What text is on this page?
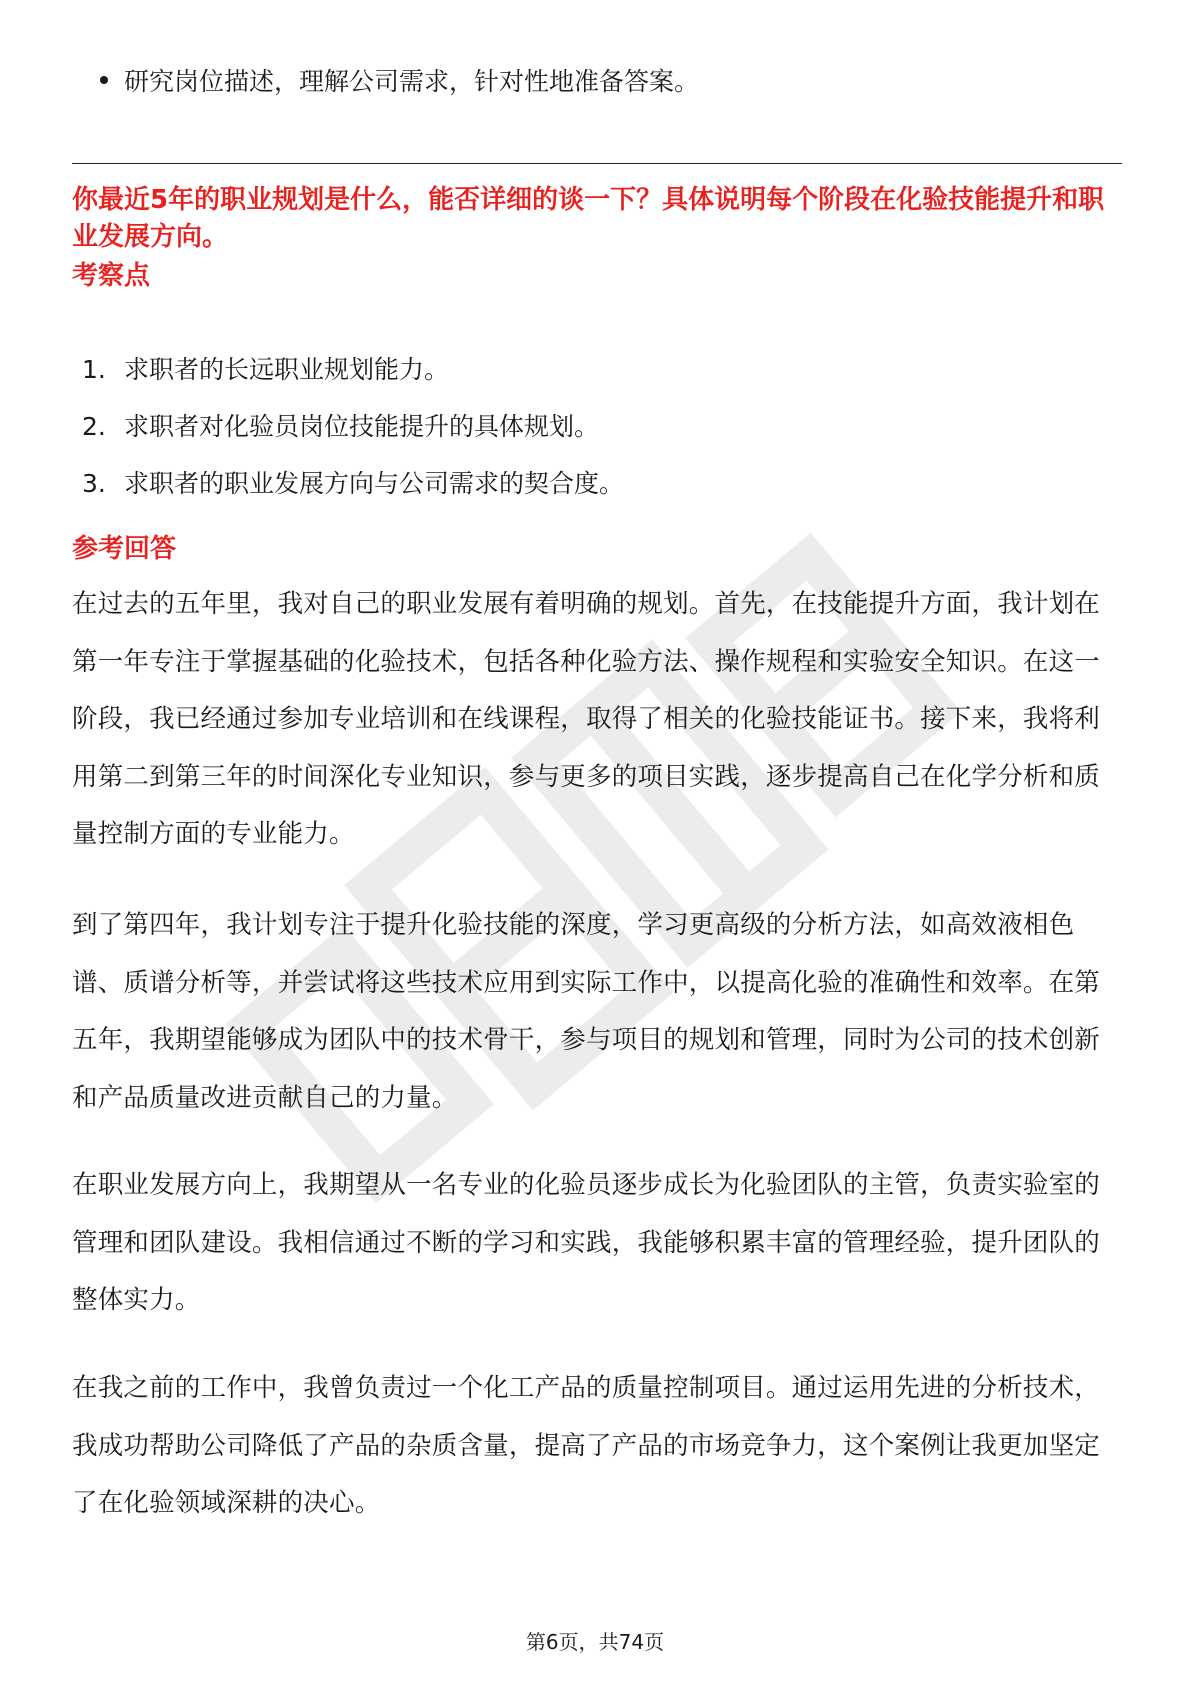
研究岗位描述，理解公司需求，针对性地准备答案。
你最近5年的职业规划是什么，能否详细的谈一下？具体说明每个阶段在化验技能提升和职业发展方向。
考察点
1. 求职者的长远职业规划能力。
2. 求职者对化验员岗位技能提升的具体规划。
3. 求职者的职业发展方向与公司需求的契合度。
参考回答
在过去的五年里，我对自己的职业发展有着明确的规划。首先，在技能提升方面，我计划在第一年专注于掌握基础的化验技术，包括各种化验方法、操作规程和实验安全知识。在这一阶段，我已经通过参加专业培训和在线课程，取得了相关的化验技能证书。接下来，我将利用第二到第三年的时间深化专业知识，参与更多的项目实践，逐步提高自己在化学分析和质量控制方面的专业能力。
到了第四年，我计划专注于提升化验技能的深度，学习更高级的分析方法，如高效液相色谱、质谱分析等，并尝试将这些技术应用到实际工作中，以提高化验的准确性和效率。在第五年，我期望能够成为团队中的技术骨干，参与项目的规划和管理，同时为公司的技术创新和产品质量改进贡献自己的力量。
在职业发展方向上，我期望从一名专业的化验员逐步成长为化验团队的主管，负责实验室的管理和团队建设。我相信通过不断的学习和实践，我能够积累丰富的管理经验，提升团队的整体实力。
在我之前的工作中，我曾负责过一个化工产品的质量控制项目。通过运用先进的分析技术，我成功帮助公司降低了产品的杂质含量，提高了产品的市场竞争力，这个案例让我更加坚定了在化验领域深耕的决心。
第6页，共74页
